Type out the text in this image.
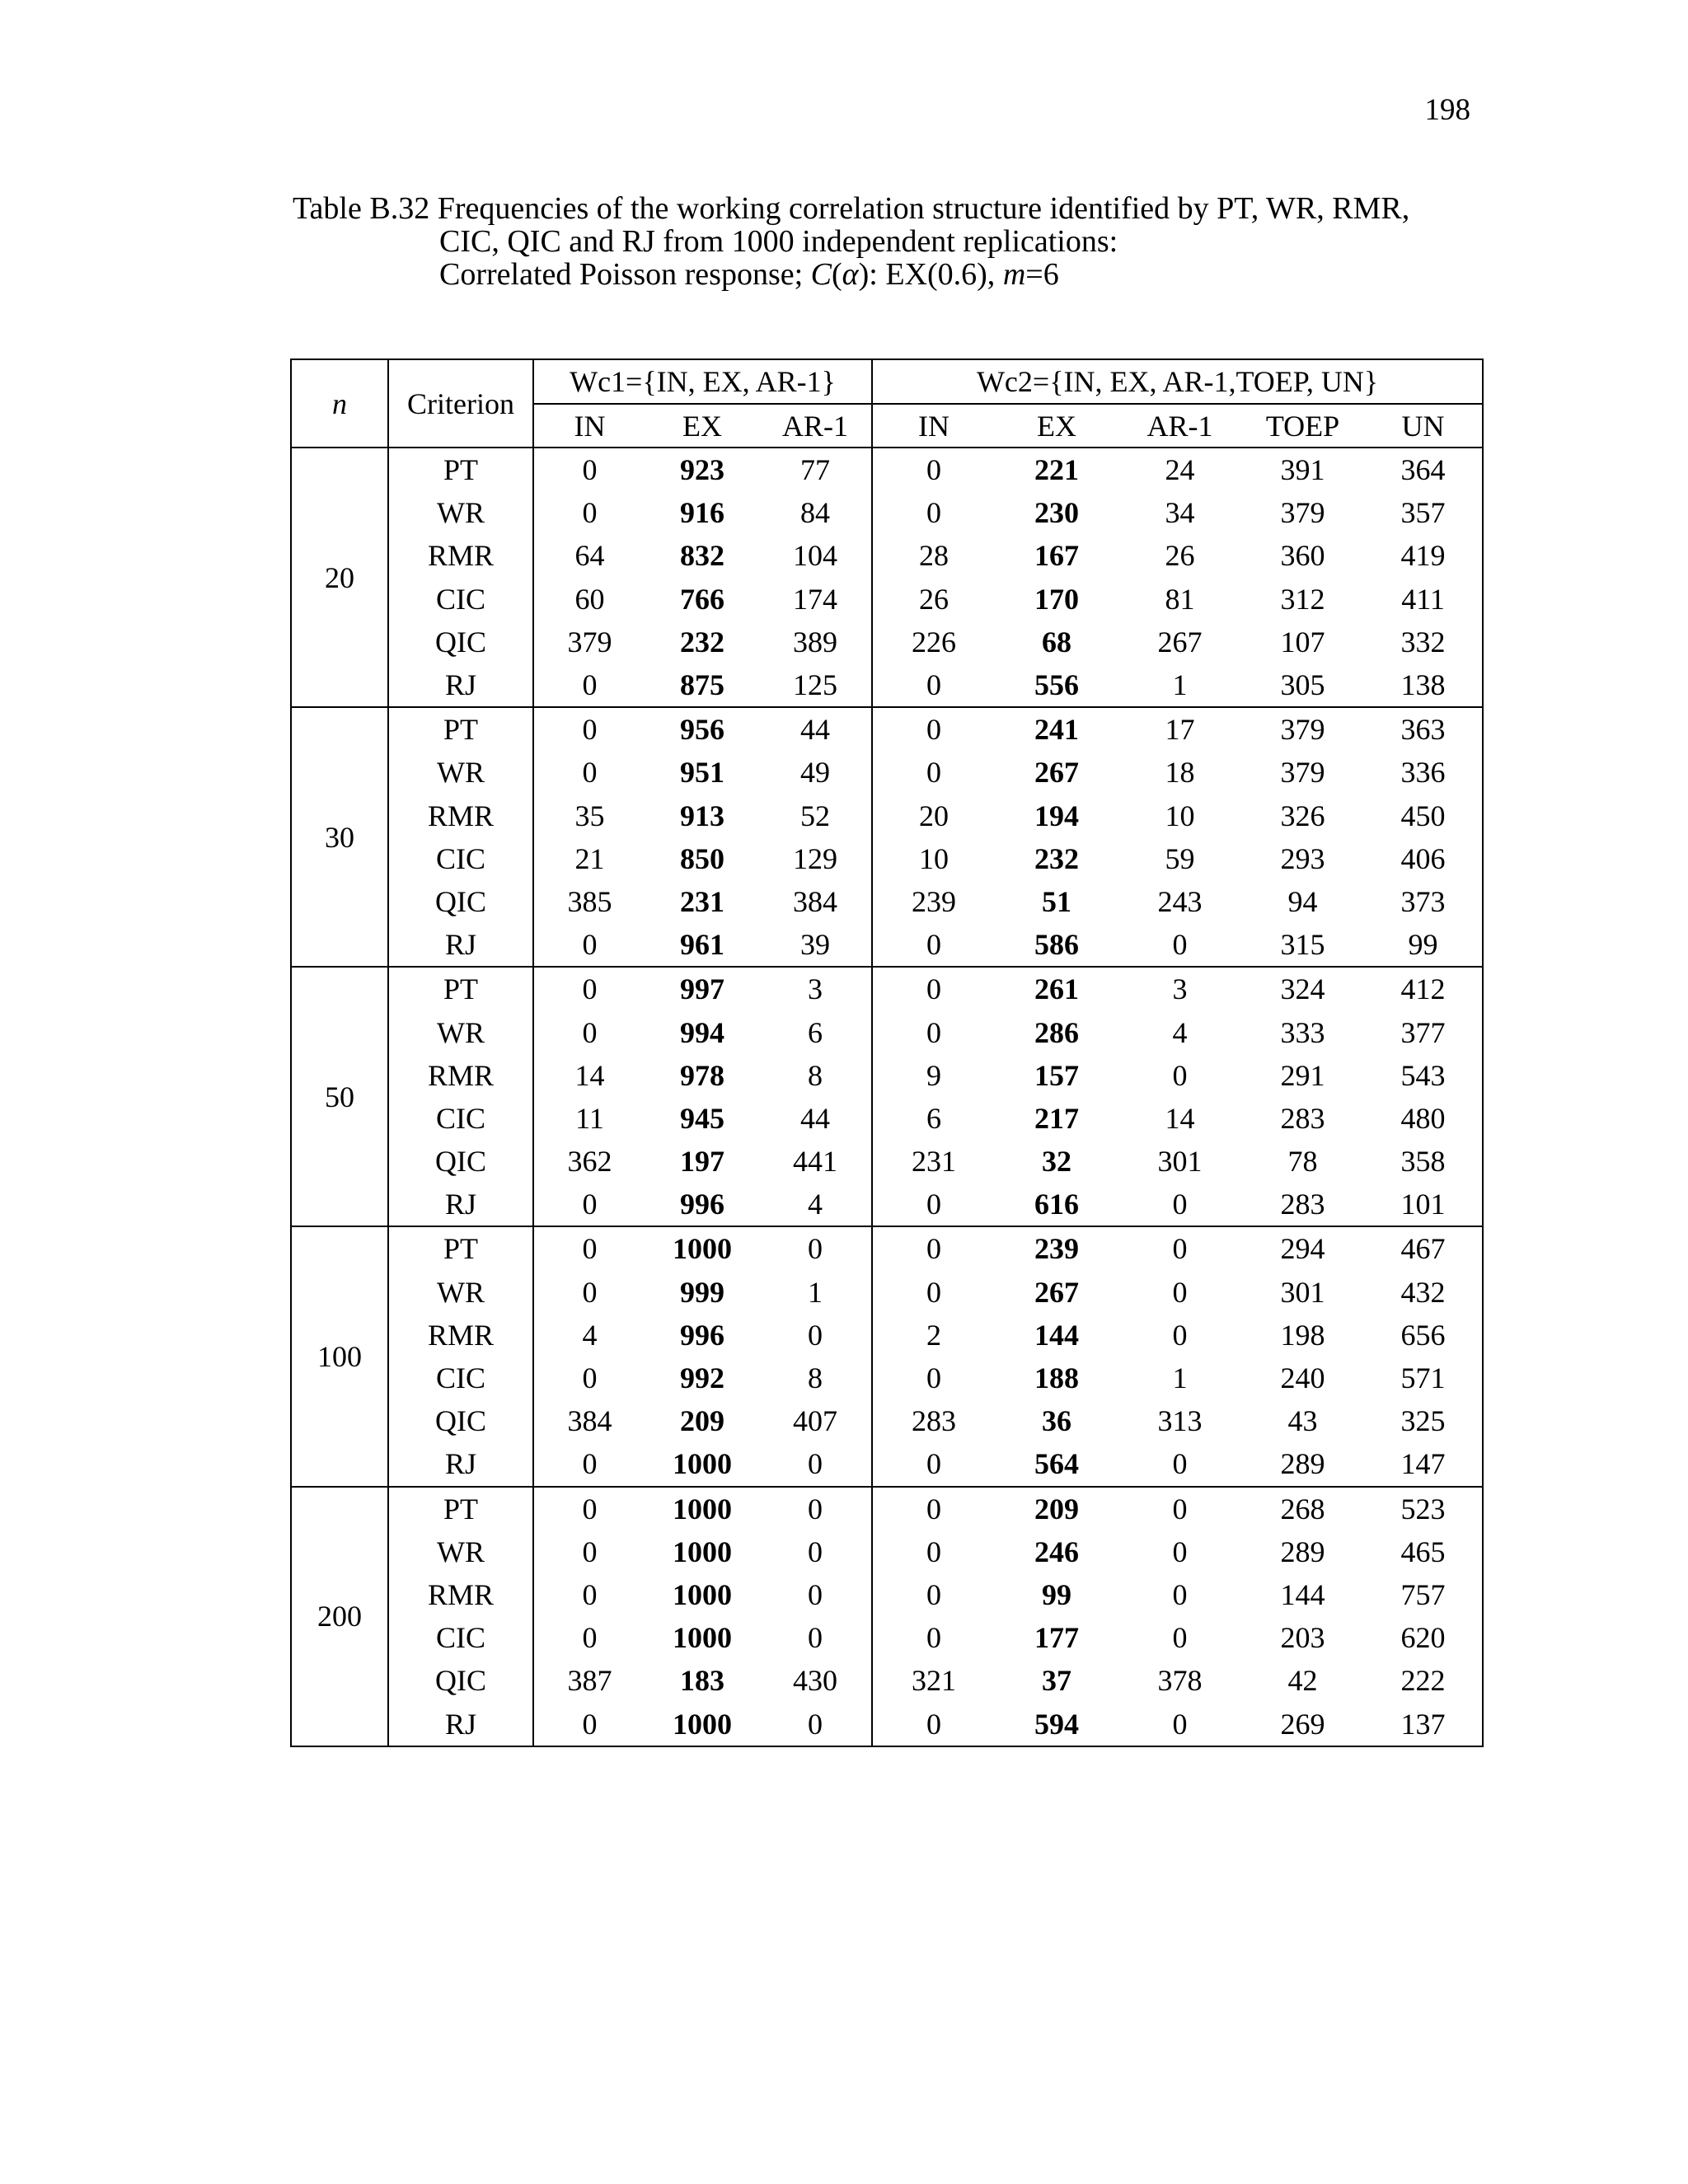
198
Table B.32 Frequencies of the working correlation structure identified by PT, WR, RMR,
CIC, QIC and RJ from 1000 independent replications:
Correlated Poisson response; C(α): EX(0.6), m=6
n	Criterion	Wc1={IN, EX, AR-1}			Wc2={IN, EX, AR-1,TOEP, UN}				
		IN	EX	AR-1	IN	EX	AR-1	TOEP	UN
20	PT	0	923	77	0	221	24	391	364
	WR	0	916	84	0	230	34	379	357
	RMR	64	832	104	28	167	26	360	419
	CIC	60	766	174	26	170	81	312	411
	QIC	379	232	389	226	68	267	107	332
	RJ	0	875	125	0	556	1	305	138
30	PT	0	956	44	0	241	17	379	363
	WR	0	951	49	0	267	18	379	336
	RMR	35	913	52	20	194	10	326	450
	CIC	21	850	129	10	232	59	293	406
	QIC	385	231	384	239	51	243	94	373
	RJ	0	961	39	0	586	0	315	99
50	PT	0	997	3	0	261	3	324	412
	WR	0	994	6	0	286	4	333	377
	RMR	14	978	8	9	157	0	291	543
	CIC	11	945	44	6	217	14	283	480
	QIC	362	197	441	231	32	301	78	358
	RJ	0	996	4	0	616	0	283	101
100	PT	0	1000	0	0	239	0	294	467
	WR	0	999	1	0	267	0	301	432
	RMR	4	996	0	2	144	0	198	656
	CIC	0	992	8	0	188	1	240	571
	QIC	384	209	407	283	36	313	43	325
	RJ	0	1000	0	0	564	0	289	147
200	PT	0	1000	0	0	209	0	268	523
	WR	0	1000	0	0	246	0	289	465
	RMR	0	1000	0	0	99	0	144	757
	CIC	0	1000	0	0	177	0	203	620
	QIC	387	183	430	321	37	378	42	222
	RJ	0	1000	0	0	594	0	269	137
